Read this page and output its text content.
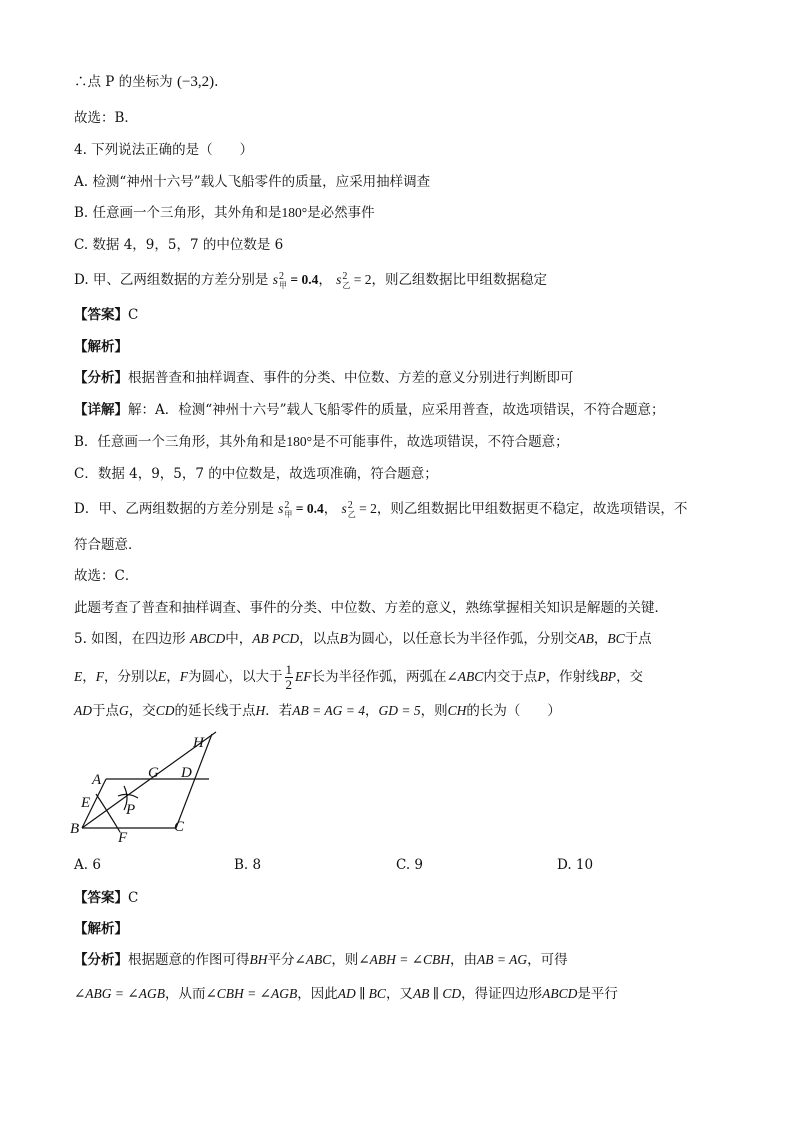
∴点 P 的坐标为 (−3,2).
故选：B．
4. 下列说法正确的是（　　）
A. 检测“神州十六号”载人飞船零件的质量，应采用抽样调查
B. 任意画一个三角形，其外角和是180°是必然事件
C. 数据 4，9，5，7 的中位数是 6
D. 甲、乙两组数据的方差分别是 s 2
甲 = 0.4， s 2
乙 = 2，则乙组数据比甲组数据稳定
【答案】C
【解析】
【分析】根据普查和抽样调查、事件的分类、中位数、方差的意义分别进行判断即可
【详解】解：A．检测“神州十六号”载人飞船零件的质量，应采用普查，故选项错误，不符合题意；
B．任意画一个三角形，其外角和是180°是不可能事件，故选项错误，不符合题意；
C．数据 4，9，5，7 的中位数是，故选项准确，符合题意；
D．甲、乙两组数据的方差分别是 s 2
甲 = 0.4， s 2
乙 = 2，则乙组数据比甲组数据更不稳定，故选项错误，不
符合题意．
故选：C．
此题考查了普查和抽样调查、事件的分类、中位数、方差的意义，熟练掌握相关知识是解题的关键．
5. 如图，在四边形 ABCD中，AB PCD，以点B为圆心，以任意长为半径作弧，分别交AB，BC于点
E，F，分别以E，F为圆心，以大于 $\frac{1}{2}$ EF长为半径作弧，两弧在∠ABC内交于点P，作射线BP，交
AD于点G，交CD的延长线于点H．若AB = AG = 4，GD = 5，则CH的长为（　　）
H
A	G D
E P
B
F
C
A. 6	B. 8	C. 9	D. 10
【答案】C
【解析】
【分析】根据题意的作图可得BH平分∠ABC，则∠ABH = ∠CBH，由AB = AG，可得
∠ABG = ∠AGB，从而∠CBH = ∠AGB，因此AD ∥ BC，又AB ∥ CD，得证四边形ABCD是平行
